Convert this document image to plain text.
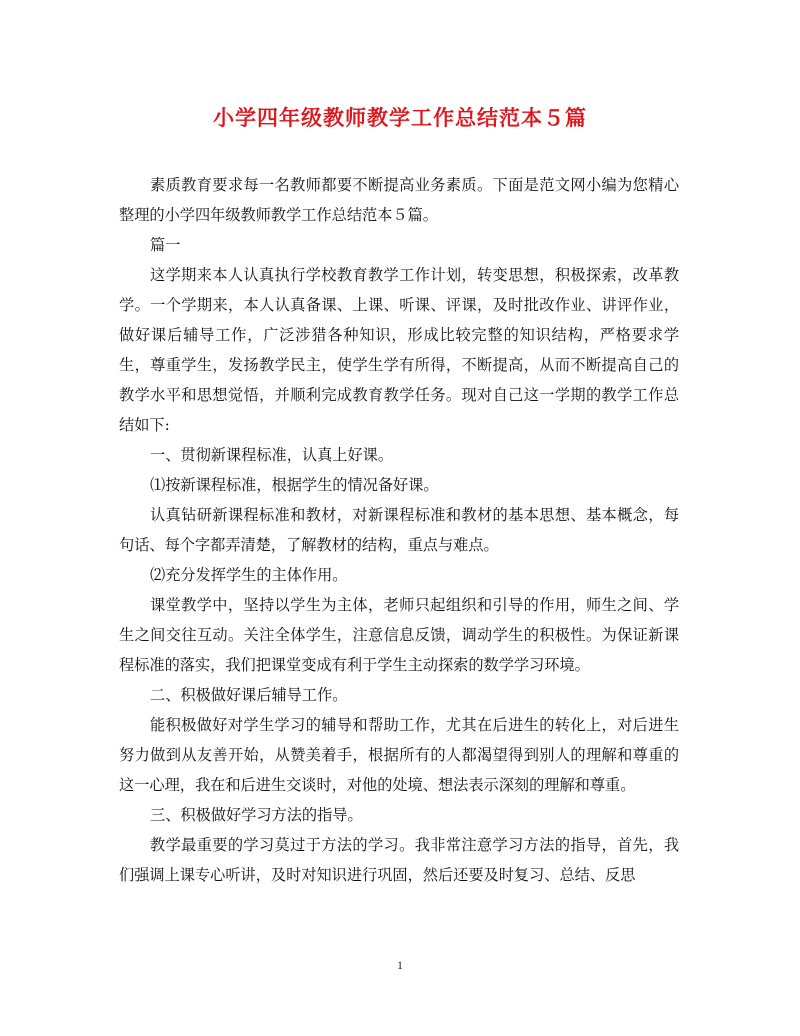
小学四年级教师教学工作总结范本５篇

素质教育要求每一名教师都要不断提高业务素质。下面是范文网小编为您精心整理的小学四年级教师教学工作总结范本５篇。

篇一

这学期来本人认真执行学校教育教学工作计划，转变思想，积极探索，改革教学。一个学期来，本人认真备课、上课、听课、评课，及时批改作业、讲评作业，做好课后辅导工作，广泛涉猎各种知识，形成比较完整的知识结构，严格要求学生，尊重学生，发扬教学民主，使学生学有所得，不断提高，从而不断提高自己的教学水平和思想觉悟，并顺利完成教育教学任务。现对自己这一学期的教学工作总结如下:

一、贯彻新课程标准，认真上好课。

⑴按新课程标准，根据学生的情况备好课。

认真钻研新课程标准和教材，对新课程标准和教材的基本思想、基本概念，每句话、每个字都弄清楚，了解教材的结构，重点与难点。

⑵充分发挥学生的主体作用。

课堂教学中，坚持以学生为主体，老师只起组织和引导的作用，师生之间、学生之间交往互动。关注全体学生，注意信息反馈，调动学生的积极性。为保证新课程标准的落实，我们把课堂变成有利于学生主动探索的数学学习环境。

二、积极做好课后辅导工作。

能积极做好对学生学习的辅导和帮助工作，尤其在后进生的转化上，对后进生努力做到从友善开始，从赞美着手，根据所有的人都渴望得到别人的理解和尊重的这一心理，我在和后进生交谈时，对他的处境、想法表示深刻的理解和尊重。

三、积极做好学习方法的指导。

教学最重要的学习莫过于方法的学习。我非常注意学习方法的指导，首先，我们强调上课专心听讲，及时对知识进行巩固，然后还要及时复习、总结、反思

1
